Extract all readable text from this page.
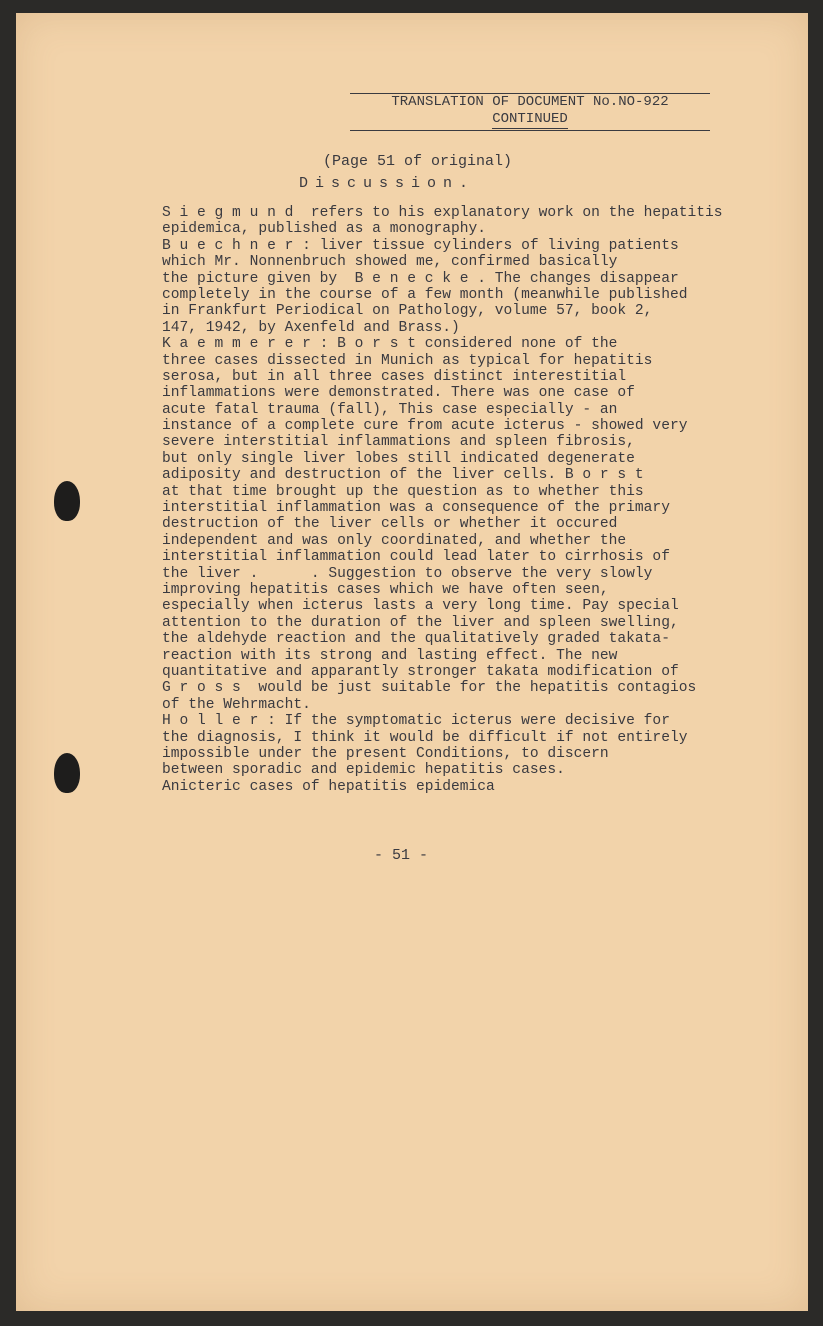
TRANSLATION OF DOCUMENT No.NO-922
CONTINUED
(Page 51 of original)
Discussion.
S i e g m u n d  refers to his explanatory work on the hepatitis
epidemica, published as a monography.
B u e c h n e r : liver tissue cylinders of living patients
which Mr. Nonnenbruch showed me, confirmed basically
the picture given by  B e n e c k e . The changes disappear
completely in the course of a few month (meanwhile published
in Frankfurt Periodical on Pathology, volume 57, book 2,
147, 1942, by Axenfeld and Brass.)
K a e m m e r e r : B o r s t considered none of the
three cases dissected in Munich as typical for hepatitis
serosa, but in all three cases distinct interestitial
inflammations were demonstrated. There was one case of
acute fatal trauma (fall), This case especially - an
instance of a complete cure from acute icterus - showed very
severe interstitial inflammations and spleen fibrosis,
but only single liver lobes still indicated degenerate
adiposity and destruction of the liver cells. B o r s t
at that time brought up the question as to whether this
interstitial inflammation was a consequence of the primary
destruction of the liver cells or whether it occured
independent and was only coordinated, and whether the
interstitial inflammation could lead later to cirrhosis of
the liver .      . Suggestion to observe the very slowly
improving hepatitis cases which we have often seen,
especially when icterus lasts a very long time. Pay special
attention to the duration of the liver and spleen swelling,
the aldehyde reaction and the qualitatively graded takata-
reaction with its strong and lasting effect. The new
quantitative and apparantly stronger takata modification of
G r o s s  would be just suitable for the hepatitis contagios
of the Wehrmacht.
H o l l e r : If the symptomatic icterus were decisive for
the diagnosis, I think it would be difficult if not entirely
impossible under the present Conditions, to discern
between sporadic and epidemic hepatitis cases.
Anicteric cases of hepatitis epidemica
- 51 -
